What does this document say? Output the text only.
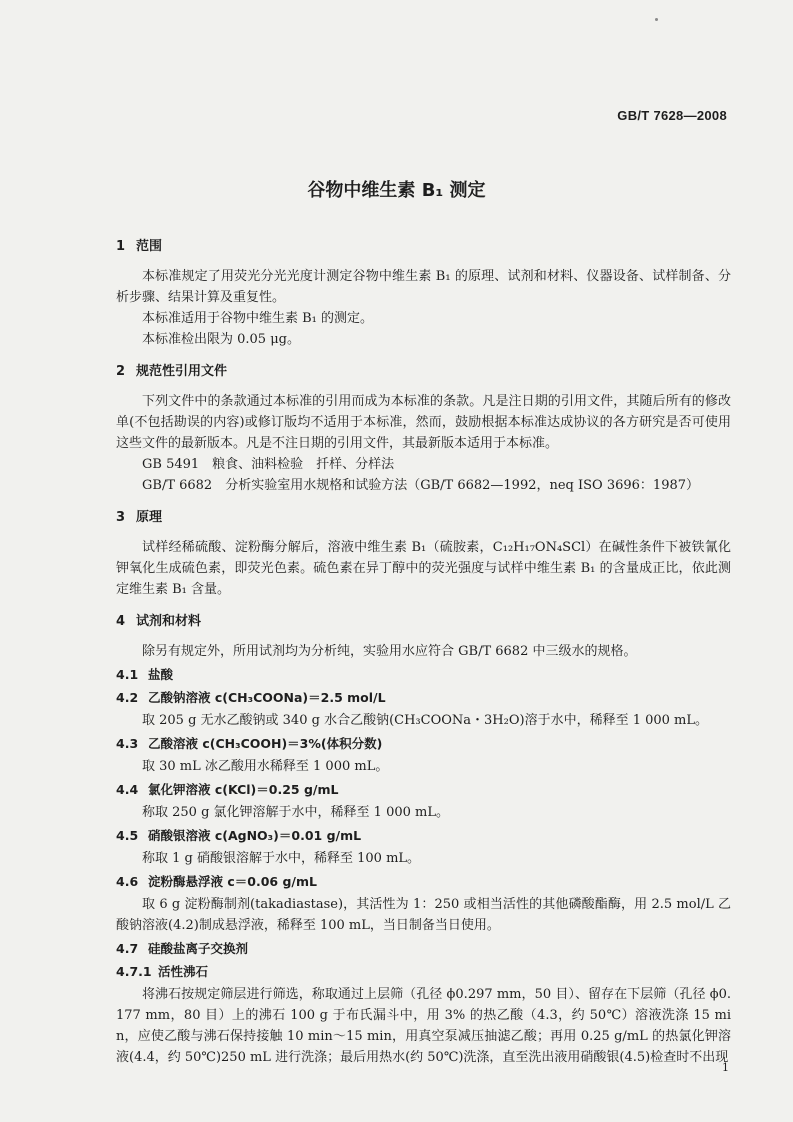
GB/T 7628—2008
谷物中维生素 B₁ 测定
1 范围
本标准规定了用荧光分光光度计测定谷物中维生素 B₁ 的原理、试剂和材料、仪器设备、试样制备、分析步骤、结果计算及重复性。
本标准适用于谷物中维生素 B₁ 的测定。
本标准检出限为 0.05 μg。
2 规范性引用文件
下列文件中的条款通过本标准的引用而成为本标准的条款。凡是注日期的引用文件，其随后所有的修改单(不包括勘误的内容)或修订版均不适用于本标准，然而，鼓励根据本标准达成协议的各方研究是否可使用这些文件的最新版本。凡是不注日期的引用文件，其最新版本适用于本标准。
GB 5491　粮食、油料检验　扦样、分样法
GB/T 6682　分析实验室用水规格和试验方法（GB/T 6682—1992，neq ISO 3696：1987）
3 原理
试样经稀硫酸、淀粉酶分解后，溶液中维生素 B₁（硫胺素，C₁₂H₁₇ON₄SCl）在碱性条件下被铁氰化钾氧化生成硫色素，即荧光色素。硫色素在异丁醇中的荧光强度与试样中维生素 B₁ 的含量成正比，依此测定维生素 B₁ 含量。
4 试剂和材料
除另有规定外，所用试剂均为分析纯，实验用水应符合 GB/T 6682 中三级水的规格。
4.1 盐酸
4.2 乙酸钠溶液 c(CH₃COONa)＝2.5 mol/L
取 205 g 无水乙酸钠或 340 g 水合乙酸钠(CH₃COONa・3H₂O)溶于水中，稀释至 1 000 mL。
4.3 乙酸溶液 c(CH₃COOH)＝3%(体积分数)
取 30 mL 冰乙酸用水稀释至 1 000 mL。
4.4 氯化钾溶液 c(KCl)＝0.25 g/mL
称取 250 g 氯化钾溶解于水中，稀释至 1 000 mL。
4.5 硝酸银溶液 c(AgNO₃)＝0.01 g/mL
称取 1 g 硝酸银溶解于水中，稀释至 100 mL。
4.6 淀粉酶悬浮液 c＝0.06 g/mL
取 6 g 淀粉酶制剂(takadiastase)，其活性为 1：250 或相当活性的其他磷酸酯酶，用 2.5 mol/L 乙酸钠溶液(4.2)制成悬浮液，稀释至 100 mL，当日制备当日使用。
4.7 硅酸盐离子交换剂
4.7.1 活性沸石
将沸石按规定筛层进行筛选，称取通过上层筛（孔径 ϕ0.297 mm，50 目）、留存在下层筛（孔径 ϕ0.177 mm，80 目）上的沸石 100 g 于布氏漏斗中，用 3% 的热乙酸（4.3，约 50℃）溶液洗涤 15 min，应使乙酸与沸石保持接触 10 min～15 min，用真空泵减压抽滤乙酸；再用 0.25 g/mL 的热氯化钾溶液(4.4，约 50℃)250 mL 进行洗涤；最后用热水(约 50℃)洗涤，直至洗出液用硝酸银(4.5)检查时不出现
1
